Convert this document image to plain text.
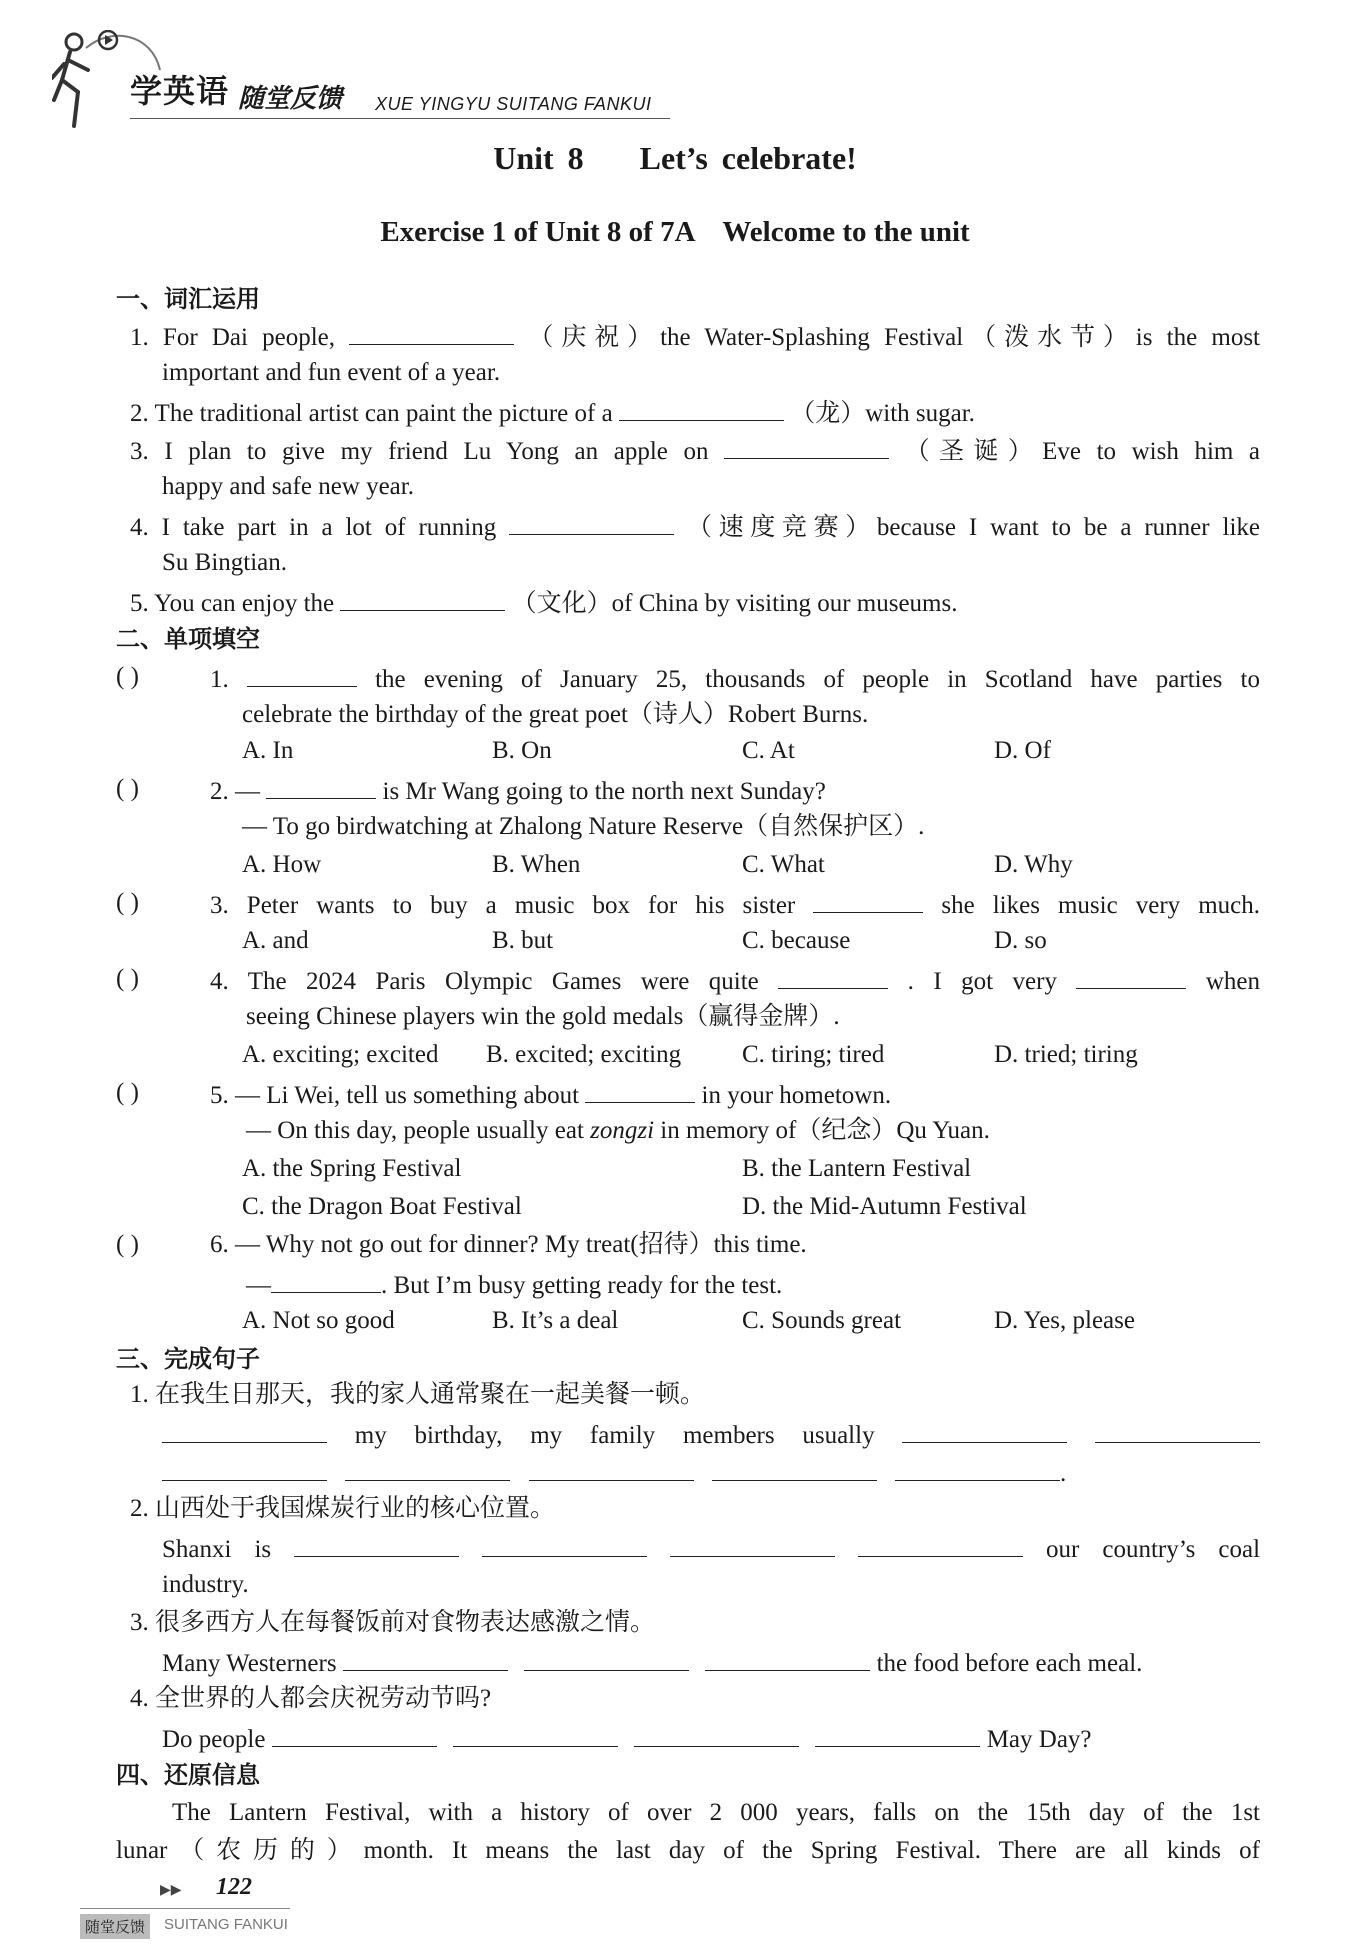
学英语 随堂反馈 XUE YINGYU SUITANG FANKUI
Unit 8    Let’s celebrate!
Exercise 1 of Unit 8 of 7A    Welcome to the unit
一、词汇运用
1. For Dai people,	（庆祝）the Water-Splashing Festival（泼水节）is the most
important and fun event of a year.
2. The traditional artist can paint the picture of a	（龙）with sugar.
3. I plan to give my friend Lu Yong an apple on	（圣诞）Eve to wish him a
happy and safe new year.
4. I take part in a lot of running	（速度竞赛）because I want to be a runner like
Su Bingtian.
5. You can enjoy the	（文化）of China by visiting our museums.
二、单项填空
( )	1.	the evening of January 25, thousands of people in Scotland have parties to
celebrate the birthday of the great poet（诗人）Robert Burns.
A. In	B. On	C. At	D. Of
( )	2. —	is Mr Wang going to the north next Sunday?
— To go birdwatching at Zhalong Nature Reserve（自然保护区）.
A. How	B. When	C. What	D. Why
( )	3. Peter wants to buy a music box for his sister	she likes music very much.
A. and	B. but	C. because	D. so
( )	4. The 2024 Paris Olympic Games were quite	. I got very	when
seeing Chinese players win the gold medals（赢得金牌）.
A. exciting; excited B. excited; exciting C. tiring; tired	D. tried; tiring
( )	5. — Li Wei, tell us something about	in your hometown.
— On this day, people usually eat zongzi in memory of（纪念）Qu Yuan.
A. the Spring Festival	B. the Lantern Festival
C. the Dragon Boat Festival	D. the Mid-Autumn Festival
( )	6. — Why not go out for dinner? My treat(招待）this time.
—	. But I’m busy getting ready for the test.
A. Not so good	B. It’s a deal	C. Sounds great	D. Yes, please
三、完成句子
1. 在我生日那天，我的家人通常聚在一起美餐一顿。
my birthday, my family members usually
.
2. 山西处于我国煤炭行业的核心位置。
Shanxi is	our country’s coal
industry.
3. 很多西方人在每餐饭前对食物表达感激之情。
Many Westerners	the food before each meal.
4. 全世界的人都会庆祝劳动节吗?
Do people	May Day?
四、还原信息
The Lantern Festival, with a history of over 2 000 years, falls on the 15th day of the 1st
lunar（农历的）month. It means the last day of the Spring Festival. There are all kinds of
▶▶ 122
随堂反馈	SUITANG FANKUI
